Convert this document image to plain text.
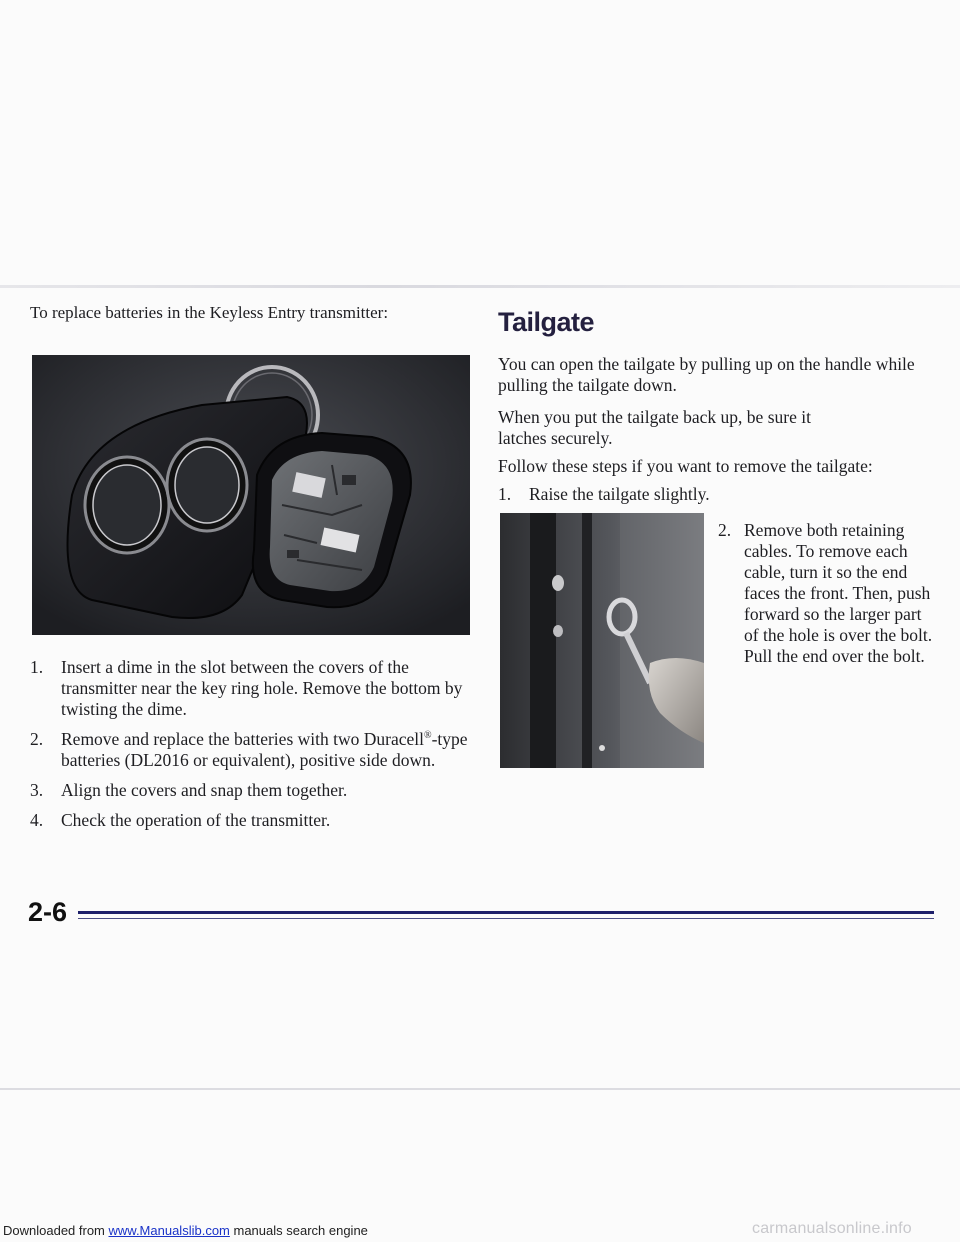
To replace batteries in the Keyless Entry transmitter:

1. Insert a dime in the slot between the covers of the transmitter near the key ring hole. Remove the bottom by twisting the dime.
2. Remove and replace the batteries with two Duracell®-type batteries (DL2016 or equivalent), positive side down.
3. Align the covers and snap them together.
4. Check the operation of the transmitter.
Tailgate

You can open the tailgate by pulling up on the handle while pulling the tailgate down.

When you put the tailgate back up, be sure it latches securely.

Follow these steps if you want to remove the tailgate:

1. Raise the tailgate slightly.
2. Remove both retaining cables. To remove each cable, turn it so the end faces the front. Then, push forward so the larger part of the hole is over the bolt. Pull the end over the bolt.
2-6
Downloaded from www.Manualslib.com manuals search engine	carmanualsonline.info
